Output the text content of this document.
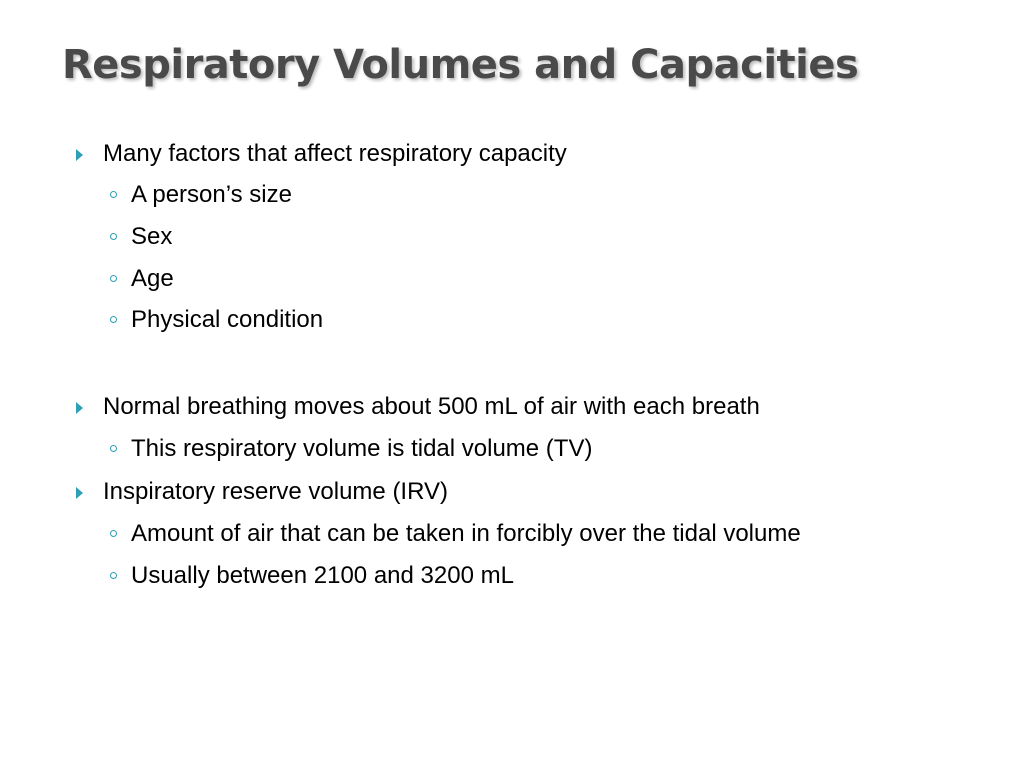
Respiratory Volumes and Capacities
Many factors that affect respiratory capacity
A person’s size
Sex
Age
Physical condition
Normal breathing moves about 500 mL of air with each breath
This respiratory volume is tidal volume (TV)
Inspiratory reserve volume (IRV)
Amount of air that can be taken in forcibly over the tidal volume
Usually between 2100 and 3200 mL
